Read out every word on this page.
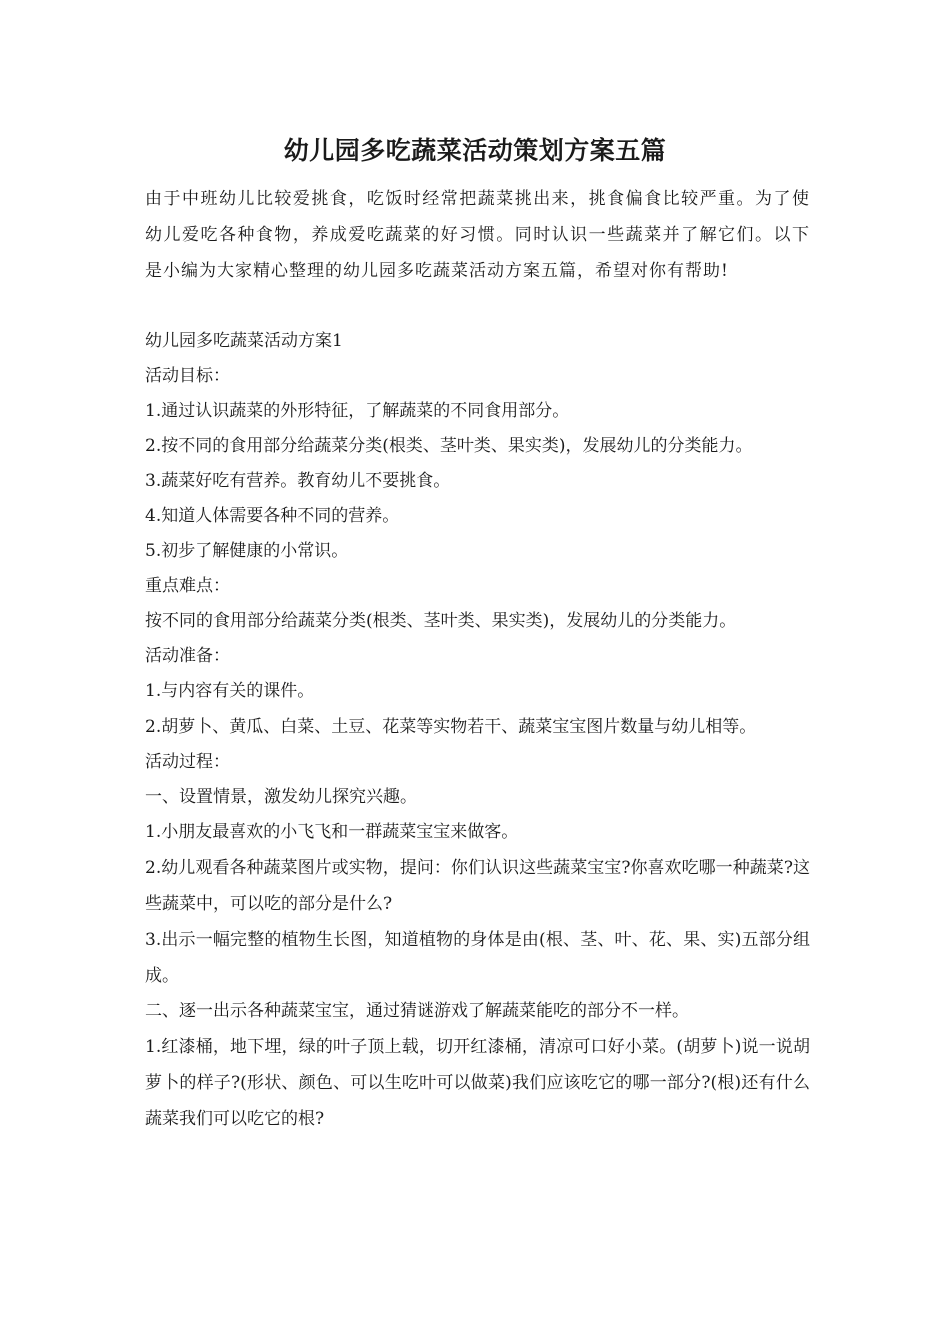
幼儿园多吃蔬菜活动策划方案五篇

由于中班幼儿比较爱挑食，吃饭时经常把蔬菜挑出来，挑食偏食比较严重。为了使幼儿爱吃各种食物，养成爱吃蔬菜的好习惯。同时认识一些蔬菜并了解它们。以下是小编为大家精心整理的幼儿园多吃蔬菜活动方案五篇，希望对你有帮助!

幼儿园多吃蔬菜活动方案1

活动目标：

1.通过认识蔬菜的外形特征，了解蔬菜的不同食用部分。

2.按不同的食用部分给蔬菜分类(根类、茎叶类、果实类)，发展幼儿的分类能力。

3.蔬菜好吃有营养。教育幼儿不要挑食。

4.知道人体需要各种不同的营养。

5.初步了解健康的小常识。

重点难点：

按不同的食用部分给蔬菜分类(根类、茎叶类、果实类)，发展幼儿的分类能力。

活动准备：

1.与内容有关的课件。

2.胡萝卜、黄瓜、白菜、土豆、花菜等实物若干、蔬菜宝宝图片数量与幼儿相等。

活动过程：

一、设置情景，激发幼儿探究兴趣。

1.小朋友最喜欢的小飞飞和一群蔬菜宝宝来做客。

2.幼儿观看各种蔬菜图片或实物，提问：你们认识这些蔬菜宝宝?你喜欢吃哪一种蔬菜?这些蔬菜中，可以吃的部分是什么?

3.出示一幅完整的植物生长图，知道植物的身体是由(根、茎、叶、花、果、实)五部分组成。

二、逐一出示各种蔬菜宝宝，通过猜谜游戏了解蔬菜能吃的部分不一样。

1.红漆桶，地下埋，绿的叶子顶上载，切开红漆桶，清凉可口好小菜。(胡萝卜)说一说胡萝卜的样子?(形状、颜色、可以生吃叶可以做菜)我们应该吃它的哪一部分?(根)还有什么蔬菜我们可以吃它的根?
